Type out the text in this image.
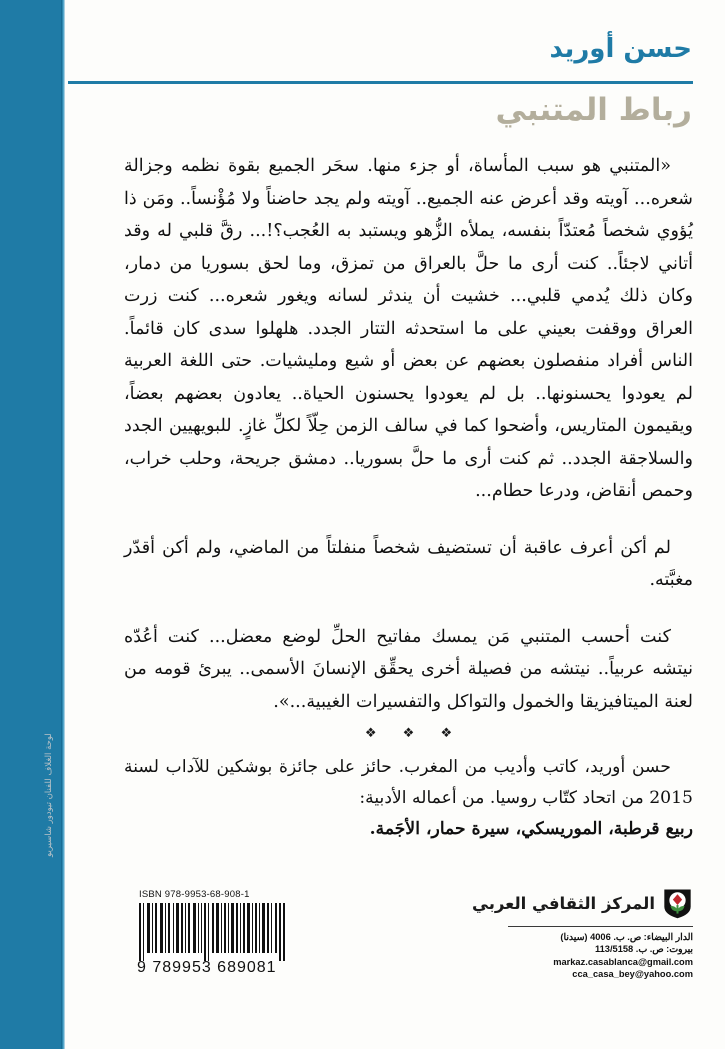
لوحة الغلاف للفنان تيودور شاسيريو
حسن أوريد
رباط المتنبي

«المتنبي هو سبب المأساة، أو جزء منها. سحَر الجميع بقوة نظمه وجزالة شعره... آويته وقد أعرض عنه الجميع.. آويته ولم يجد حاضناً ولا مُؤْنساً.. ومَن ذا يُؤوي شخصاً مُعتدّاً بنفسه، يملأه الزُّهو ويستبد به العُجب؟!... رقَّ قلبي له وقد أتاني لاجئاً.. كنت أرى ما حلَّ بالعراق من تمزق، وما لحق بسوريا من دمار، وكان ذلك يُدمي قلبي... خشيت أن يندثر لسانه ويغور شعره... كنت زرت العراق ووقفت بعيني على ما استحدثه التتار الجدد. هلهلوا سدى كان قائماً. الناس أفراد منفصلون بعضهم عن بعض أو شيع ومليشيات. حتى اللغة العربية لم يعودوا يحسنونها.. بل لم يعودوا يحسنون الحياة.. يعادون بعضهم بعضاً، ويقيمون المتاريس، وأضحوا كما في سالف الزمن حِلّاً لكلِّ غازٍ. للبويهيين الجدد والسلاجقة الجدد.. ثم كنت أرى ما حلَّ بسوريا.. دمشق جريحة، وحلب خراب، وحمص أنقاض، ودرعا حطام...

لم أكن أعرف عاقبة أن تستضيف شخصاً منفلتاً من الماضي، ولم أكن أقدّر مغبَّته.

كنت أحسب المتنبي مَن يمسك مفاتيح الحلِّ لوضع معضل... كنت أعُدّه نيتشه عربياً.. نيتشه من فصيلة أخرى يحقِّق الإنسانَ الأسمى.. يبرئ قومه من لعنة الميتافيزيقا والخمول والتواكل والتفسيرات الغيبية...».

❖ ❖ ❖

حسن أوريد، كاتب وأديب من المغرب. حائز على جائزة بوشكين للآداب لسنة 2015 من اتحاد كتّاب روسيا. من أعماله الأدبية:

ربيع قرطبة، الموريسكي، سيرة حمار، الأجَمة.

ISBN 978-9953-68-908-1
9 789953 689081
المركز الثقافي العربي
الدار البيضاء: ص. ب. 4006 (سيدنا)
بيروت: ص. ب. 113/5158
markaz.casablanca@gmail.com
cca_casa_bey@yahoo.com
